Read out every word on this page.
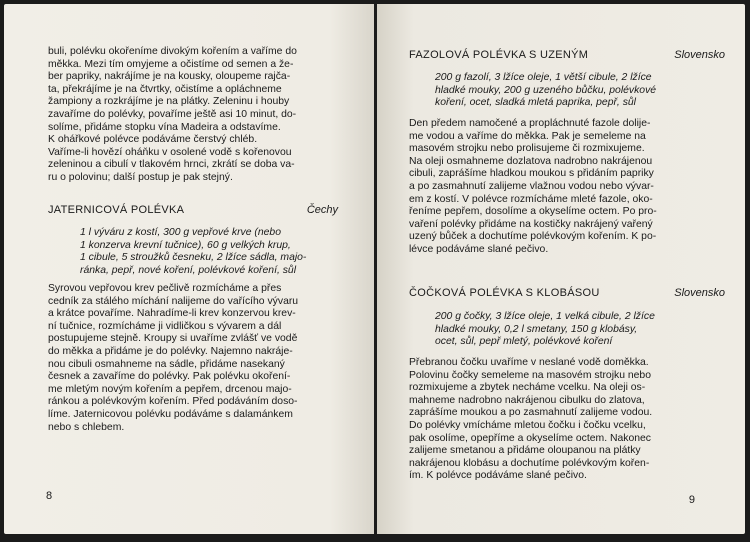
buli, polévku okořeníme divokým kořením a vaříme do
měkka. Mezi tím omyjeme a očistíme od semen a že-
ber papriky, nakrájíme je na kousky, oloupeme rajča-
ta, překrájíme je na čtvrtky, očistíme a opláchneme
žampiony a rozkrájíme je na plátky. Zeleninu i houby
zavaříme do polévky, povaříme ještě asi 10 minut, do-
solíme, přidáme stopku vína Madeira a odstavíme.
K ohářkové polévce podáváme čerstvý chléb.
Vaříme-li hovězí oháňku v osolené vodě s kořenovou
zeleninou a cibulí v tlakovém hrnci, zkrátí se doba va-
ru o polovinu; další postup je pak stejný.
JATERNICOVÁ POLÉVKA	Čechy
1 l výváru z kostí, 300 g vepřové krve (nebo
1 konzerva krevní tučnice), 60 g velkých krup,
1 cibule, 5 stroužků česneku, 2 lžíce sádla, majo-
ránka, pepř, nové koření, polévkové koření, sůl
Syrovou vepřovou krev pečlivě rozmícháme a přes
cedník za stálého míchání nalijeme do vařícího vývaru
a krátce povaříme. Nahradíme-li krev konzervou krev-
ní tučnice, rozmícháme ji vidličkou s vývarem a dál
postupujeme stejně. Kroupy si uvaříme zvlášť ve vodě
do měkka a přidáme je do polévky. Najemno nakráje-
nou cibuli osmahneme na sádle, přidáme nasekaný
česnek a zavaříme do polévky. Pak polévku okoření-
me mletým novým kořením a pepřem, drcenou majo-
ránkou a polévkovým kořením. Před podáváním doso-
líme. Jaternicovou polévku podáváme s dalamánkem
nebo s chlebem.
8
FAZOLOVÁ POLÉVKA S UZENÝM	Slovensko
200 g fazolí, 3 lžíce oleje, 1 větší cibule, 2 lžíce
hladké mouky, 200 g uzeného bůčku, polévkové
koření, ocet, sladká mletá paprika, pepř, sůl
Den předem namočené a propláchnuté fazole dolije-
me vodou a vaříme do měkka. Pak je semeleme na
masovém strojku nebo prolisujeme či rozmixujeme.
Na oleji osmahneme dozlatova nadrobno nakrájenou
cibuli, zaprášíme hladkou moukou s přidáním papriky
a po zasmahnutí zalijeme vlažnou vodou nebo vývar-
em z kostí. V polévce rozmícháme mleté fazole, oko-
řeníme pepřem, dosolíme a okyselíme octem. Po pro-
vaření polévky přidáme na kostičky nakrájený vařený
uzený bůček a dochutíme polévkovým kořením. K po-
lévce podáváme slané pečivo.
ČOČKOVÁ POLÉVKA S KLOBÁSOU	Slovensko
200 g čočky, 3 lžíce oleje, 1 velká cibule, 2 lžíce
hladké mouky, 0,2 l smetany, 150 g klobásy,
ocet, sůl, pepř mletý, polévkové koření
Přebranou čočku uvaříme v neslané vodě doměkka.
Polovinu čočky semeleme na masovém strojku nebo
rozmixujeme a zbytek necháme vcelku. Na oleji os-
mahneme nadrobno nakrájenou cibulku do zlatova,
zaprášíme moukou a po zasmahnutí zalijeme vodou.
Do polévky vmícháme mletou čočku i čočku vcelku,
pak osolíme, opepříme a okyselíme octem. Nakonec
zalijeme smetanou a přidáme oloupanou na plátky
nakrájenou klobásu a dochutíme polévkovým kořen-
ím. K polévce podáváme slané pečivo.
9
